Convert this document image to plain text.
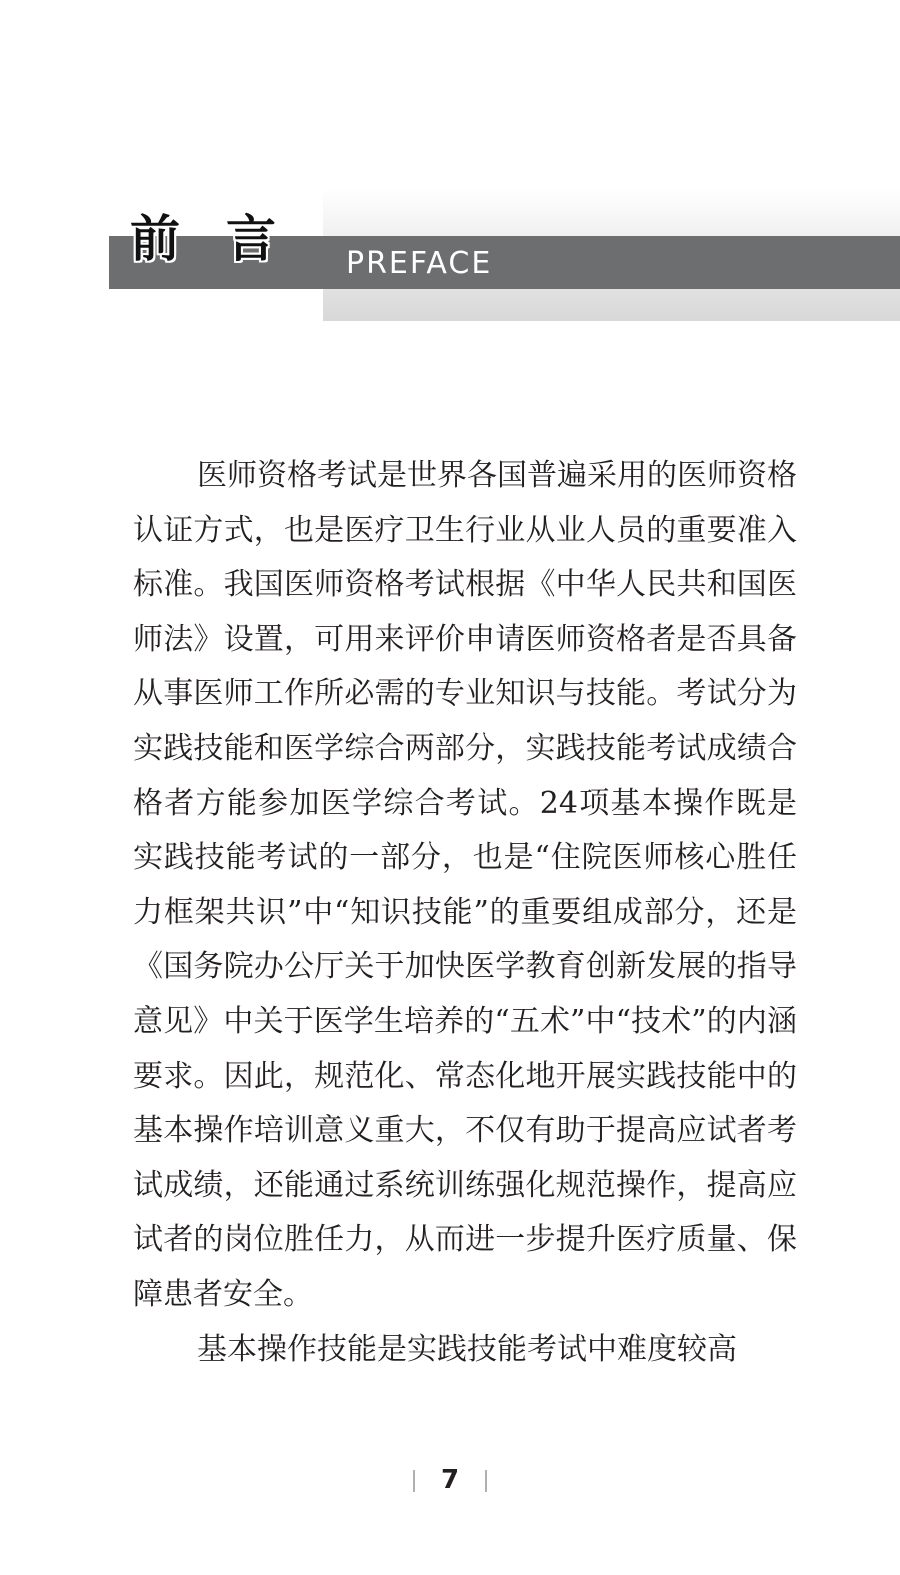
前言 PREFACE

医师资格考试是世界各国普遍采用的医师资格认证方式，也是医疗卫生行业从业人员的重要准入标准。我国医师资格考试根据《中华人民共和国医师法》设置，可用来评价申请医师资格者是否具备从事医师工作所必需的专业知识与技能。考试分为实践技能和医学综合两部分，实践技能考试成绩合格者方能参加医学综合考试。24项基本操作既是实践技能考试的一部分，也是“住院医师核心胜任力框架共识”中“知识技能”的重要组成部分，还是《国务院办公厅关于加快医学教育创新发展的指导意见》中关于医学生培养的“五术”中“技术”的内涵要求。因此，规范化、常态化地开展实践技能中的基本操作培训意义重大，不仅有助于提高应试者考试成绩，还能通过系统训练强化规范操作，提高应试者的岗位胜任力，从而进一步提升医疗质量、保障患者安全。

基本操作技能是实践技能考试中难度较高

7
